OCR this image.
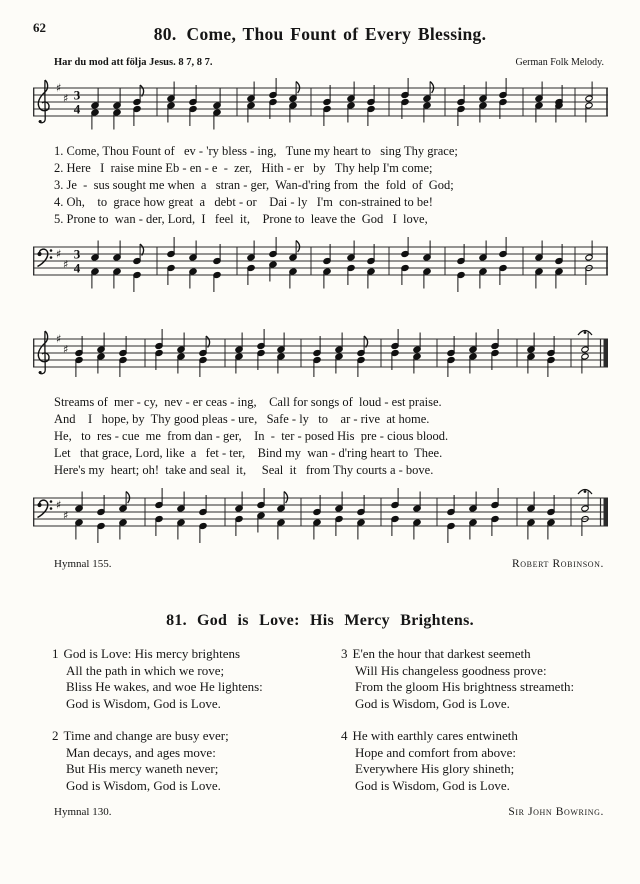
62	80. Come, Thou Fount of Every Blessing.
Har du mod att följa Jesus. 8 7, 8 7.	German Folk Melody.
♯
♯ 3
4
1. Come, Thou Fount of   ev - 'ry bless - ing,   Tune my heart to   sing Thy grace;
2. Here   I  raise mine Eb - en - e  -  zer,   Hith - er   by   Thy help I'm come;
3. Je  -  sus sought me when  a   stran - ger,  Wan-d'ring from  the  fold  of  God;
4. Oh,    to  grace how great  a   debt - or    Dai - ly   I'm  con-strained to be!
5. Prone to  wan - der, Lord,  I   feel  it,    Prone to  leave the  God   I  love,
♯
♯
3
4
♯
♯
Streams of  mer - cy,  nev - er ceas - ing,    Call for songs of  loud - est praise.
And    I   hope, by  Thy good pleas - ure,   Safe - ly   to    ar - rive  at home.
He,   to  res - cue  me  from dan - ger,    In  -  ter - posed His  pre - cious blood.
Let   that grace, Lord, like  a   fet - ter,    Bind my  wan - d'ring heart to  Thee.
Here's my  heart; oh!  take and seal  it,     Seal  it   from Thy courts a - bove.
♯
♯
Hymnal 155.	Robert Robinson.
81. God is Love: His Mercy Brightens.
1 God is Love: His mercy brightens
All the path in which we rove;
Bliss He wakes, and woe He lightens:
God is Wisdom, God is Love.
3 E'en the hour that darkest seemeth
Will His changeless goodness prove:
From the gloom His brightness streameth:
God is Wisdom, God is Love.
2 Time and change are busy ever;
Man decays, and ages move:
But His mercy waneth never;
God is Wisdom, God is Love.
4 He with earthly cares entwineth
Hope and comfort from above:
Everywhere His glory shineth;
God is Wisdom, God is Love.
Hymnal 130.	Sir John Bowring.
